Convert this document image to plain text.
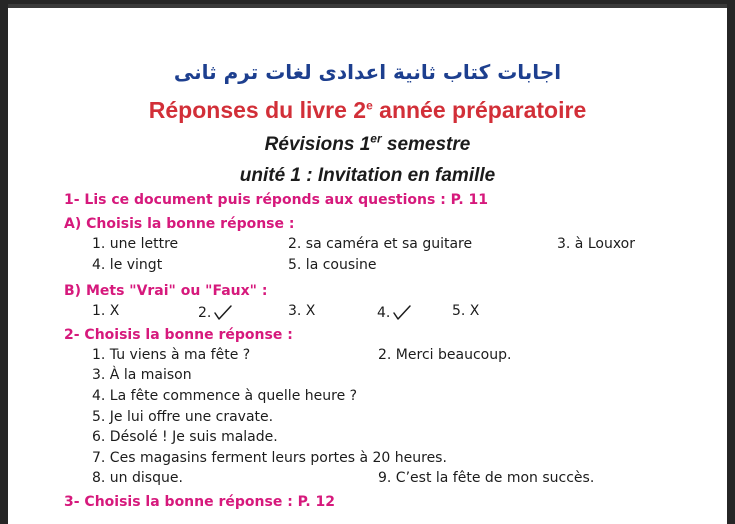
اجابات كتاب ثانية اعدادى لغات ترم ثانى
Réponses du livre 2e année préparatoire
Révisions 1er semestre
unité 1 : Invitation en famille
1- Lis ce document puis réponds aux questions : P. 11
A) Choisis la bonne réponse :
1. une lettre	2. sa caméra et sa guitare	3. à Louxor
4. le vingt	5. la cousine
B) Mets "Vrai" ou "Faux" :
1. X	2.	3. X	4.	5. X
2- Choisis la bonne réponse :
1. Tu viens à ma fête ?	2. Merci beaucoup.
3. À la maison
4. La fête commence à quelle heure ?
5. Je lui offre une cravate.
6. Désolé ! Je suis malade.
7. Ces magasins ferment leurs portes à 20 heures.
8. un disque.	9. C’est la fête de mon succès.
3- Choisis la bonne réponse : P. 12
